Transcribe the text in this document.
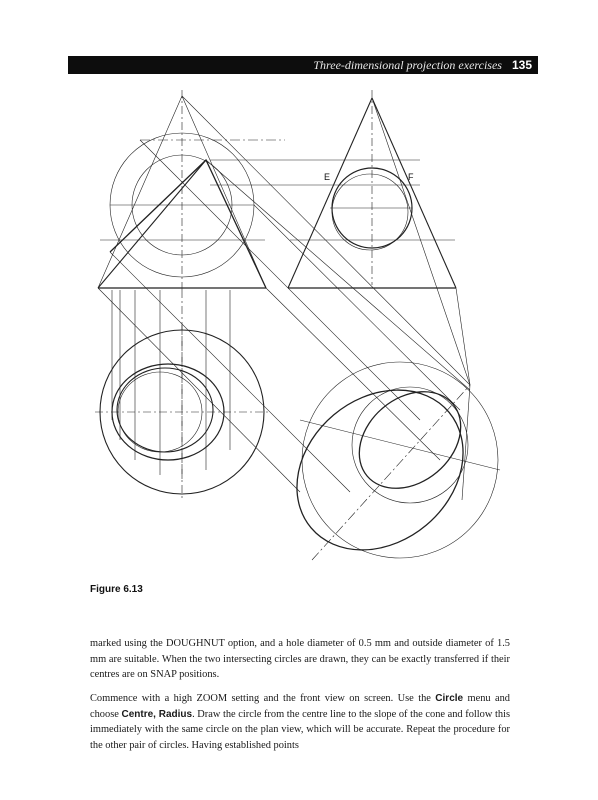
Three-dimensional projection exercises 135
E	F
Figure 6.13

marked using the DOUGHNUT option, and a hole diameter of 0.5 mm and outside diameter of 1.5 mm are suitable. When the two intersecting circles are drawn, they can be exactly transferred if their centres are on SNAP positions.

Commence with a high ZOOM setting and the front view on screen. Use the Circle menu and choose Centre, Radius. Draw the circle from the centre line to the slope of the cone and follow this immediately with the same circle on the plan view, which will be accurate. Repeat the procedure for the other pair of circles. Having established points
